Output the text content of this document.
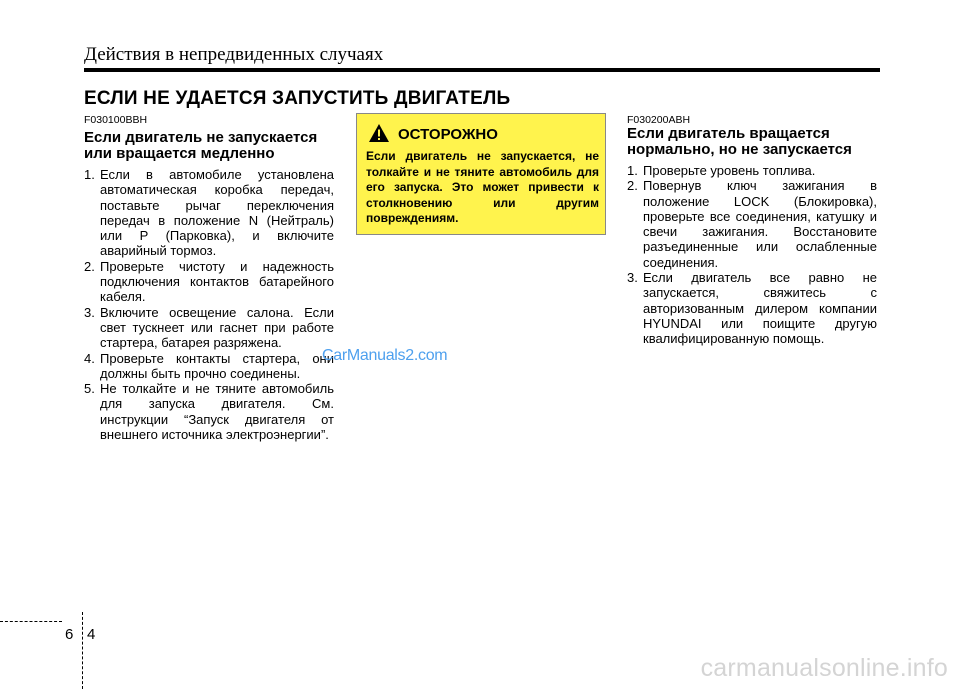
Действия в непредвиденных случаях
ЕСЛИ НЕ УДАЕТСЯ ЗАПУСТИТЬ ДВИГАТЕЛЬ
F030100BBH
Если двигатель не запускается или вращается медленно
1. Если в автомобиле установлена автоматическая коробка передач, поставьте рычаг переключения передач в положение N (Нейтраль) или P (Парковка), и включите аварийный тормоз.
2. Проверьте чистоту и надежность подключения контактов батарейного кабеля.
3. Включите освещение салона. Если свет тускнеет или гаснет при работе стартера, батарея разряжена.
4. Проверьте контакты стартера, они должны быть прочно соединены.
5. Не толкайте и не тяните автомобиль для запуска двигателя. См. инструкции “Запуск двигателя от внешнего источника электроэнергии”.
ОСТОРОЖНО
Если двигатель не запускается, не толкайте и не тяните автомобиль для его запуска. Это может привести к столкновению или другим повреждениям.
F030200ABH
Если двигатель вращается нормально, но не запускается
1. Проверьте уровень топлива.
2. Повернув ключ зажигания в положение LOCK (Блокировка), проверьте все соединения, катушку и свечи зажигания. Восстановите разъединенные или ослабленные соединения.
3. Если двигатель все равно не запускается, свяжитесь с авторизованным дилером компании HYUNDAI или поищите другую квалифицированную помощь.
CarManuals2.com
6 4
carmanualsonline.info
